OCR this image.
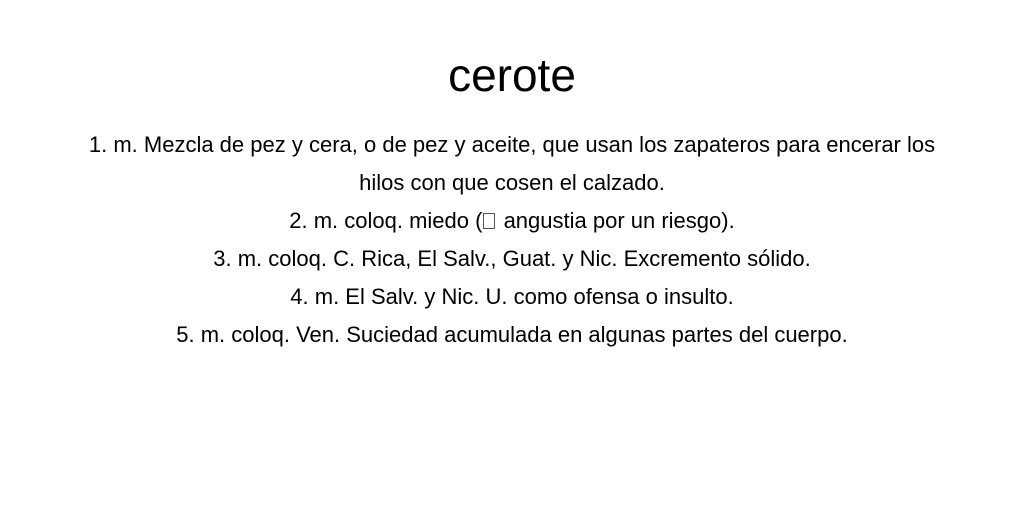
cerote

1. m. Mezcla de pez y cera, o de pez y aceite, que usan los zapateros para encerar los hilos con que cosen el calzado.

2. m. coloq. miedo ( angustia por un riesgo).

3. m. coloq. C. Rica, El Salv., Guat. y Nic. Excremento sólido.

4. m. El Salv. y Nic. U. como ofensa o insulto.

5. m. coloq. Ven. Suciedad acumulada en algunas partes del cuerpo.
